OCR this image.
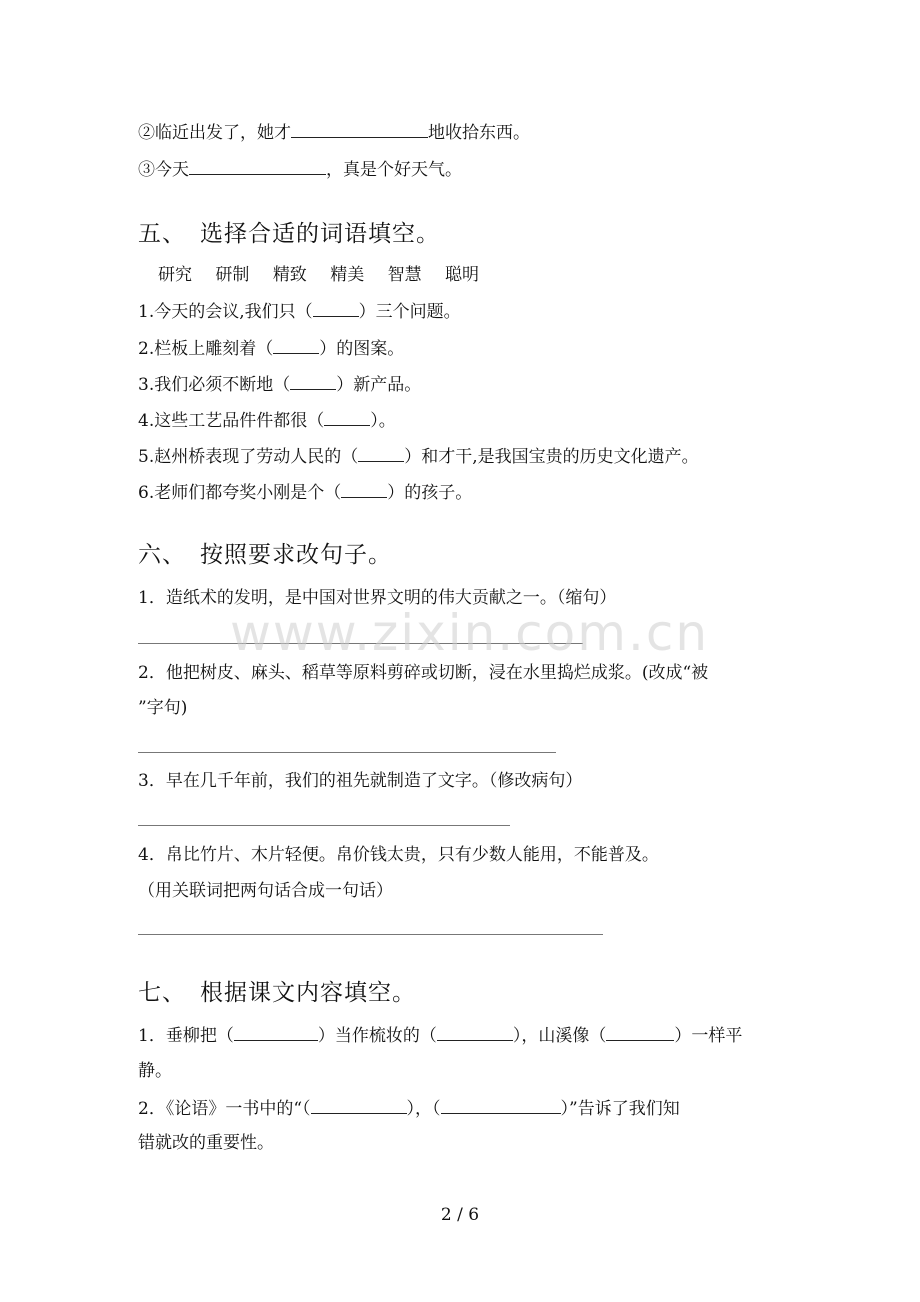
②临近出发了，她才	地收拾东西。
③今天	，真是个好天气。
五、 选择合适的词语填空。
研究 研制 精致 精美 智慧 聪明
1.今天的会议,我们只（	）三个问题。
2.栏板上雕刻着（	）的图案。
3.我们必须不断地（	）新产品。
4.这些工艺品件件都很（	）。
5.赵州桥表现了劳动人民的（	）和才干,是我国宝贵的历史文化遗产。
6.老师们都夸奖小刚是个（	）的孩子。
六、 按照要求改句子。
1．造纸术的发明，是中国对世界文明的伟大贡献之一。（缩句）
www.zixin.com.cn
2．他把树皮、麻头、稻草等原料剪碎或切断，浸在水里捣烂成浆。(改成“被
”字句)
3．早在几千年前，我们的祖先就制造了文字。（修改病句）
4．帛比竹片、木片轻便。帛价钱太贵，只有少数人能用，不能普及。
（用关联词把两句话合成一句话）
七、 根据课文内容填空。
1．垂柳把（	）当作梳妆的（	），山溪像（	）一样平
静。
2．《论语》一书中的“（	），（	）”告诉了我们知
错就改的重要性。
2 / 6
